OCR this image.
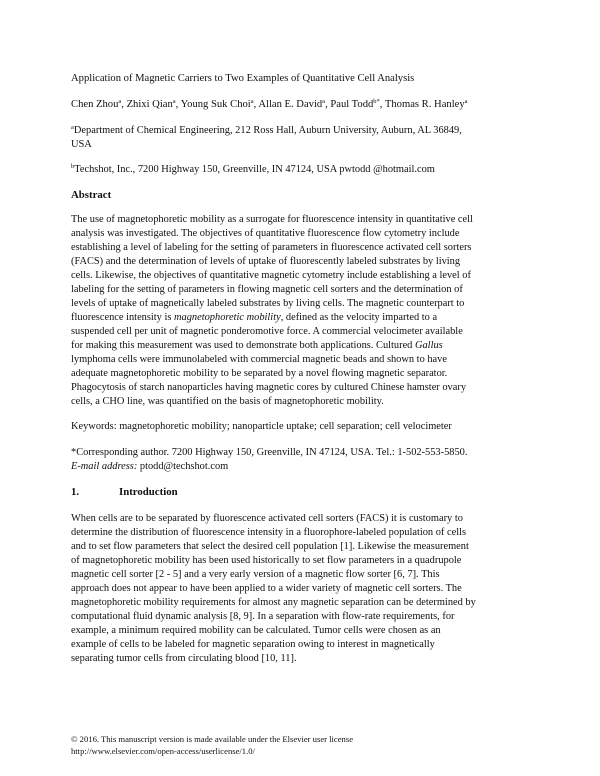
Application of Magnetic Carriers to Two Examples of Quantitative Cell Analysis
Chen Zhou$^a$, Zhixi Qian$^a$, Young Suk Choi$^a$, Allan E. David$^a$, Paul Todd$^{b*}$, Thomas R. Hanley$^a$
$^a$Department of Chemical Engineering, 212 Ross Hall, Auburn University, Auburn, AL 36849,
USA
$^b$Techshot, Inc., 7200 Highway 150, Greenville, IN 47124, USA pwtodd @hotmail.com
Abstract
The use of magnetophoretic mobility as a surrogate for fluorescence intensity in quantitative cell
analysis was investigated. The objectives of quantitative fluorescence flow cytometry include
establishing a level of labeling for the setting of parameters in fluorescence activated cell sorters
(FACS) and the determination of levels of uptake of fluorescently labeled substrates by living
cells. Likewise, the objectives of quantitative magnetic cytometry include establishing a level of
labeling for the setting of parameters in flowing magnetic cell sorters and the determination of
levels of uptake of magnetically labeled substrates by living cells. The magnetic counterpart to
fluorescence intensity is magnetophoretic mobility, defined as the velocity imparted to a
suspended cell per unit of magnetic ponderomotive force. A commercial velocimeter available
for making this measurement was used to demonstrate both applications. Cultured Gallus
lymphoma cells were immunolabeled with commercial magnetic beads and shown to have
adequate magnetophoretic mobility to be separated by a novel flowing magnetic separator.
Phagocytosis of starch nanoparticles having magnetic cores by cultured Chinese hamster ovary
cells, a CHO line, was quantified on the basis of magnetophoretic mobility.
Keywords: magnetophoretic mobility; nanoparticle uptake; cell separation; cell velocimeter
*Corresponding author. 7200 Highway 150, Greenville, IN 47124, USA. Tel.: 1-502-553-5850.
E-mail address: ptodd@techshot.com
1.	Introduction
When cells are to be separated by fluorescence activated cell sorters (FACS) it is customary to
determine the distribution of fluorescence intensity in a fluorophore-labeled population of cells
and to set flow parameters that select the desired cell population [1]. Likewise the measurement
of magnetophoretic mobility has been used historically to set flow parameters in a quadrupole
magnetic cell sorter [2 - 5] and a very early version of a magnetic flow sorter [6, 7]. This
approach does not appear to have been applied to a wider variety of magnetic cell sorters. The
magnetophoretic mobility requirements for almost any magnetic separation can be determined by
computational fluid dynamic analysis [8, 9]. In a separation with flow-rate requirements, for
example, a minimum required mobility can be calculated. Tumor cells were chosen as an
example of cells to be labeled for magnetic separation owing to interest in magnetically
separating tumor cells from circulating blood [10, 11].
© 2016. This manuscript version is made available under the Elsevier user license
http://www.elsevier.com/open-access/userlicense/1.0/
